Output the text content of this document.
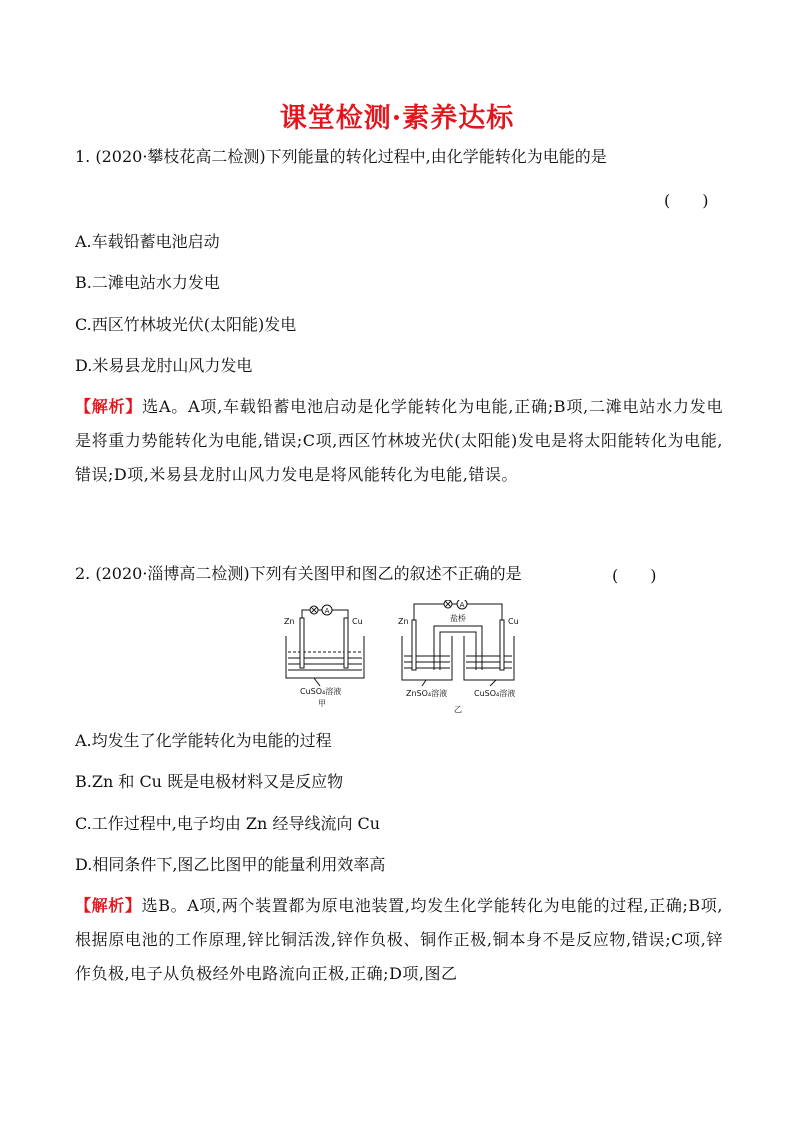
课堂检测·素养达标
1. (2020·攀枝花高二检测)下列能量的转化过程中,由化学能转化为电能的是
(　　)
A.车载铅蓄电池启动
B.二滩电站水力发电
C.西区竹林坡光伏(太阳能)发电
D.米易县龙肘山风力发电
【解析】选A。A项,车载铅蓄电池启动是化学能转化为电能,正确;B项,二滩电站水力发电是将重力势能转化为电能,错误;C项,西区竹林坡光伏(太阳能)发电是将太阳能转化为电能,错误;D项,米易县龙肘山风力发电是将风能转化为电能,错误。
2. (2020·淄博高二检测)下列有关图甲和图乙的叙述不正确的是	(　　)
A
A
Zn	Cu
CuSO₄溶液
甲
Zn	Cu
盐桥
ZnSO₄溶液	CuSO₄溶液
乙
A.均发生了化学能转化为电能的过程
B.Zn 和 Cu 既是电极材料又是反应物
C.工作过程中,电子均由 Zn 经导线流向 Cu
D.相同条件下,图乙比图甲的能量利用效率高
【解析】选B。A项,两个装置都为原电池装置,均发生化学能转化为电能的过程,正确;B项,根据原电池的工作原理,锌比铜活泼,锌作负极、铜作正极,铜本身不是反应物,错误;C项,锌作负极,电子从负极经外电路流向正极,正确;D项,图乙
